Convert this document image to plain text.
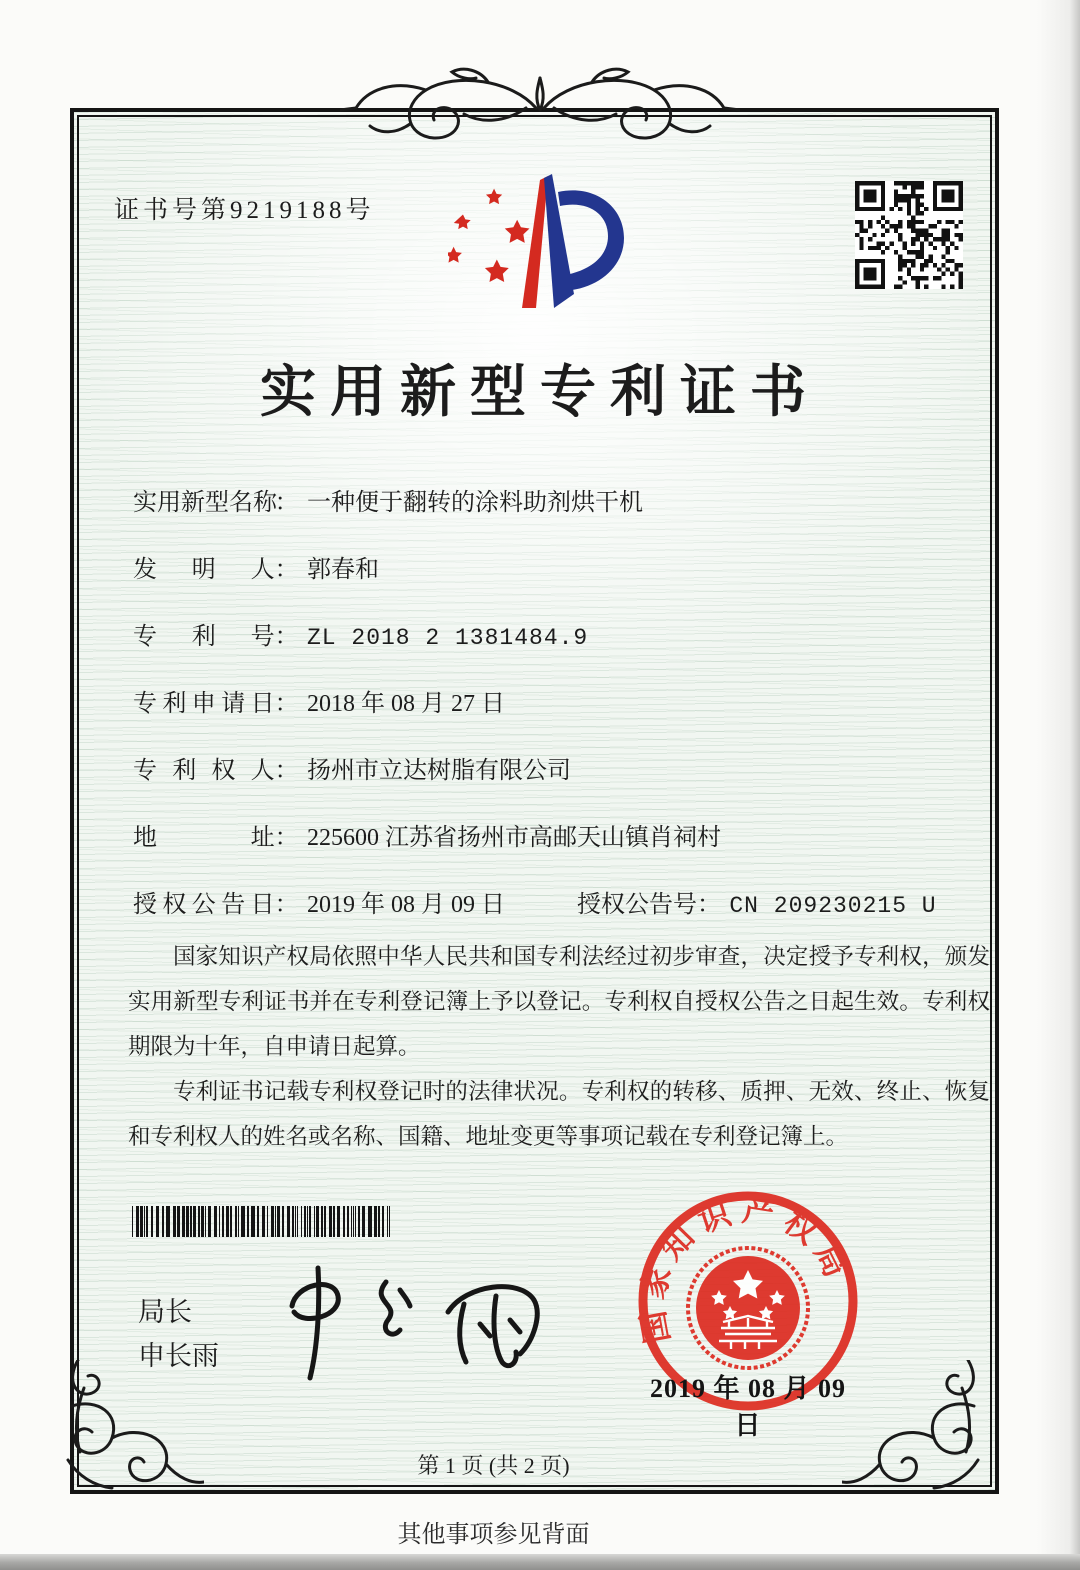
证书号第9219188号
实用新型专利证书
实用新型名称： 一种便于翻转的涂料助剂烘干机
发明人： 郭春和
专利号： ZL 2018 2 1381484.9
专利申请日： 2018 年 08 月 27 日
专利权人： 扬州市立达树脂有限公司
地址： 225600 江苏省扬州市高邮天山镇肖祠村
授权公告日： 2019 年 08 月 09 日	授权公告号： CN 209230215 U

国家知识产权局依照中华人民共和国专利法经过初步审查，决定授予专利权，颁发实用新型专利证书并在专利登记簿上予以登记。专利权自授权公告之日起生效。专利权期限为十年，自申请日起算。

专利证书记载专利权登记时的法律状况。专利权的转移、质押、无效、终止、恢复和专利权人的姓名或名称、国籍、地址变更等事项记载在专利登记簿上。

局长
申长雨
国家知识产权局
2019 年 08 月 09 日
第 1 页 (共 2 页)
其他事项参见背面
